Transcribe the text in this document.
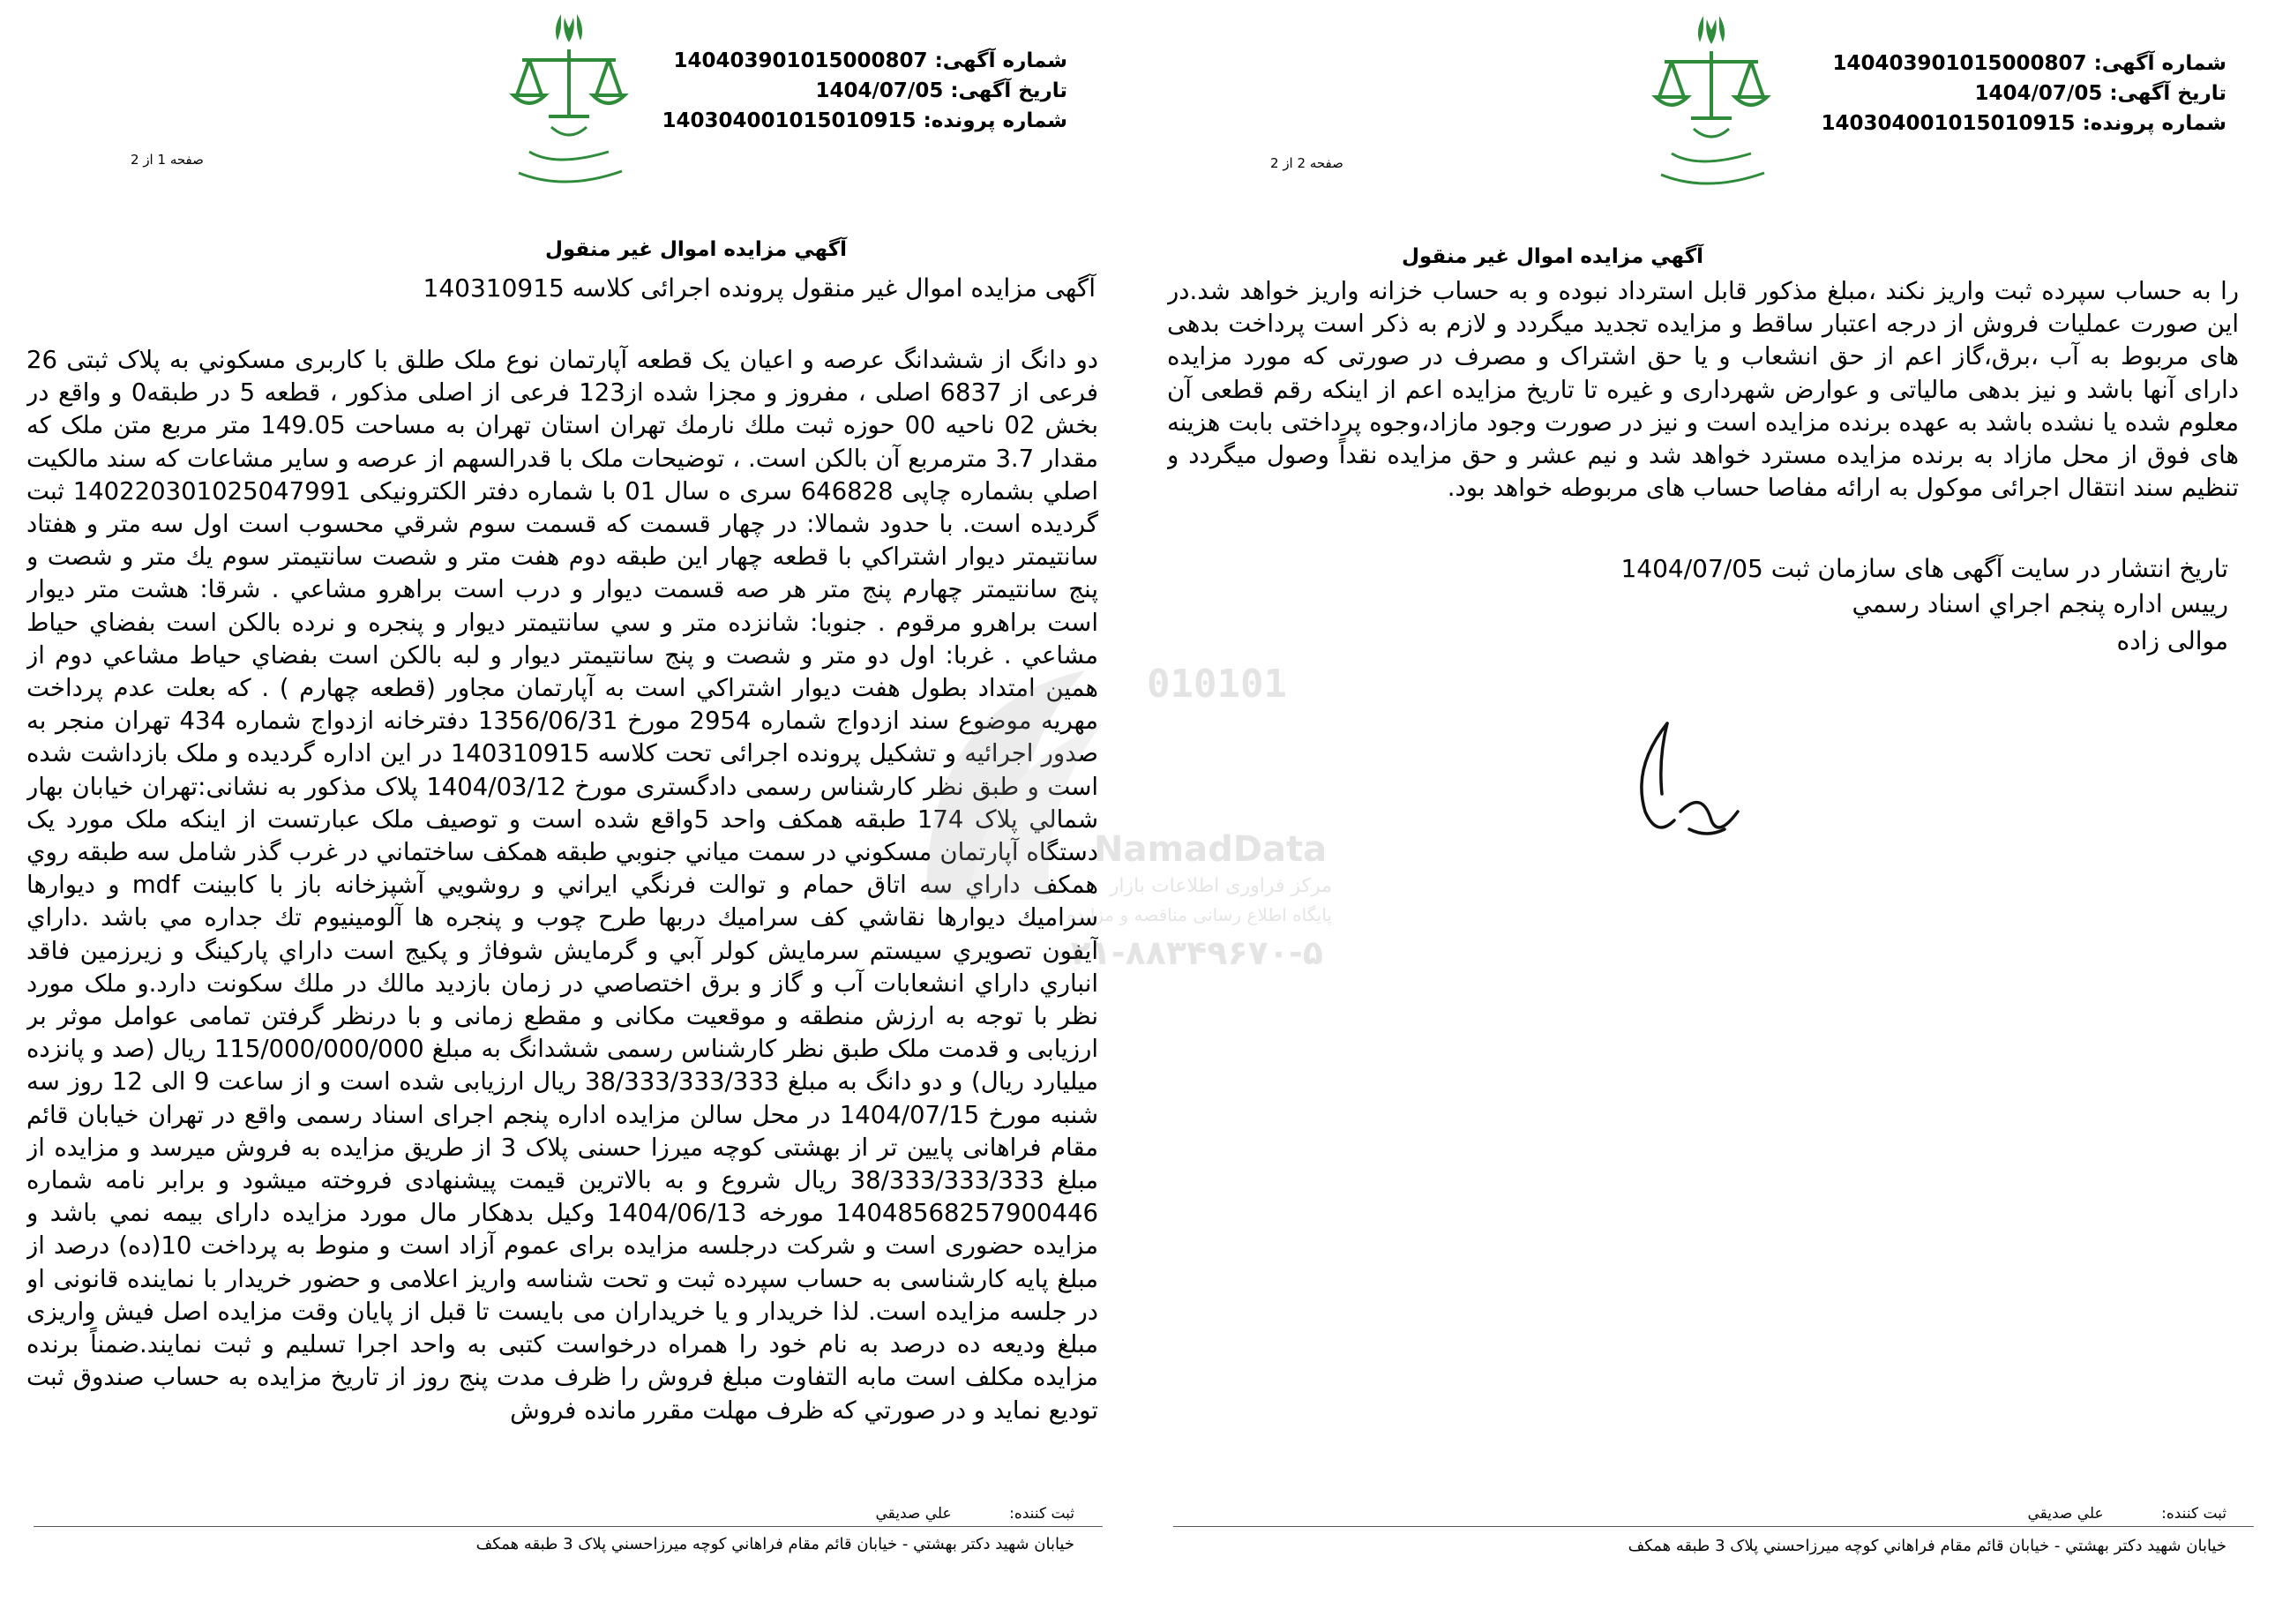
شماره آگهی: 140403901015000807
تاریخ آگهی: 1404/07/05
شماره پرونده: 140304001015010915
صفحه 1 از 2
آگهي مزايده اموال غير منقول
آگهی مزایده اموال غیر منقول پرونده اجرائی کلاسه 140310915
دو دانگ از ششدانگ عرصه و اعیان یک قطعه آپارتمان نوع ملک طلق با کاربری مسکوني به پلاک ثبتی 26 فرعی از 6837 اصلی ، مفروز و مجزا شده از123 فرعی از اصلی مذکور ، قطعه 5 در طبقه0 و واقع در بخش 02 ناحیه 00 حوزه ثبت ملك نارمك تهران استان تهران به مساحت 149.05 متر مربع متن ملک که مقدار 3.7 مترمربع آن بالکن است. ، توضیحات ملک با قدرالسهم از عرصه و سایر مشاعات که سند مالکیت اصلي بشماره چاپی 646828 سری ه سال 01 با شماره دفتر الکترونیکی 140220301025047991 ثبت گردیده است. با حدود شمالا: در چهار قسمت كه قسمت سوم شرقي محسوب است اول سه متر و هفتاد سانتيمتر ديوار اشتراكي با قطعه چهار اين طبقه دوم هفت متر و شصت سانتيمتر سوم يك متر و شصت و پنج سانتيمتر چهارم پنج متر هر صه قسمت ديوار و درب است براهرو مشاعي . شرقا: هشت متر ديوار است براهرو مرقوم . جنوبا: شانزده متر و سي سانتيمتر ديوار و پنجره و نرده بالكن است بفضاي حياط مشاعي . غربا: اول دو متر و شصت و پنج سانتيمتر ديوار و لبه بالكن است بفضاي حياط مشاعي دوم از همين امتداد بطول هفت ديوار اشتراكي است به آپارتمان مجاور (قطعه چهارم ) . که بعلت عدم پرداخت مهریه موضوع سند ازدواج شماره 2954 مورخ 1356/06/31 دفترخانه ازدواج شماره 434 تهران منجر به صدور اجرائیه و تشکیل پرونده اجرائی تحت کلاسه 140310915 در این اداره گردیده و ملک بازداشت شده است و طبق نظر کارشناس رسمی دادگستری مورخ 1404/03/12 پلاک مذکور به نشانی:تهران خيابان بهار شمالي پلاک 174 طبقه همکف واحد 5واقع شده است و توصیف ملک عبارتست از اینکه ملک مورد یک دستگاه آپارتمان مسكوني در سمت مياني جنوبي طبقه همكف ساختماني در غرب گذر شامل سه طبقه روي همكف داراي سه اتاق حمام و توالت فرنگي ايراني و روشويي آشپزخانه باز با كابينت mdf و ديوارها سراميك ديوارها نقاشي كف سراميك دربها طرح چوب و پنجره ها آلومينيوم تك جداره مي باشد .داراي آيفون تصويري سيستم سرمايش كولر آبي و گرمايش شوفاژ و پكيج است داراي پاركينگ و زيرزمين فاقد انباري داراي انشعابات آب و گاز و برق اختصاصي در زمان بازديد مالك در ملك سكونت دارد.و ملک مورد نظر با توجه به ارزش منطقه و موقعیت مکانی و مقطع زمانی و با درنظر گرفتن تمامی عوامل موثر بر ارزیابی و قدمت ملک طبق نظر کارشناس رسمی ششدانگ به مبلغ 115/000/000/000 ریال (صد و پانزده میلیارد ریال) و دو دانگ به مبلغ 38/333/333/333 ریال ارزیابی شده است و از ساعت 9 الی 12 روز سه شنبه مورخ 1404/07/15 در محل سالن مزایده اداره پنجم اجرای اسناد رسمی واقع در تهران خيابان قائم مقام فراهانی پایین تر از بهشتی کوچه میرزا حسنی پلاک 3 از طریق مزایده به فروش میرسد و مزایده از مبلغ 38/333/333/333 ریال شروع و به بالاترین قیمت پیشنهادی فروخته میشود و برابر نامه شماره 14048568257900446 مورخه 1404/06/13 وکیل بدهکار مال مورد مزایده دارای بیمه نمي باشد و مزایده حضوری است و شرکت درجلسه مزایده برای عموم آزاد است و منوط به پرداخت 10(ده) درصد از مبلغ پایه کارشناسی به حساب سپرده ثبت و تحت شناسه واریز اعلامی و حضور خریدار با نماینده قانونی او در جلسه مزایده است. لذا خریدار و یا خریداران می بایست تا قبل از پایان وقت مزایده اصل فیش واریزی مبلغ ودیعه ده درصد به نام خود را همراه درخواست کتبی به واحد اجرا تسلیم و ثبت نمایند.ضمناً برنده مزایده مکلف است مابه التفاوت مبلغ فروش را ظرف مدت پنج روز از تاریخ مزایده به حساب صندوق ثبت تودیع نماید و در صورتي که ظرف مهلت مقرر مانده فروش
ثبت كننده: علي صديقي
خيابان شهيد دكتر بهشتي - خيابان قائم مقام فراهاني كوچه ميرزاحسني پلاک 3 طبقه همكف
010101
NamadData
مرکز فراوری اطلاعات بازار
پایگاه اطلاع رسانی مناقصه و مزایده
۰۲۱-۸۸۳۴۹۶۷۰-۵
شماره آگهی: 140403901015000807
تاریخ آگهی: 1404/07/05
شماره پرونده: 140304001015010915
صفحه 2 از 2
آگهي مزايده اموال غير منقول
را به حساب سپرده ثبت واریز نکند ،مبلغ مذکور قابل استرداد نبوده و به حساب خزانه واریز خواهد شد.در این صورت عملیات فروش از درجه اعتبار ساقط و مزایده تجدید میگردد و لازم به ذکر است پرداخت بدهی های مربوط به آب ،برق،گاز اعم از حق انشعاب و یا حق اشتراک و مصرف در صورتی که مورد مزایده دارای آنها باشد و نیز بدهی مالیاتی و عوارض شهرداری و غیره تا تاریخ مزایده اعم از اینکه رقم قطعی آن معلوم شده یا نشده باشد به عهده برنده مزایده است و نیز در صورت وجود مازاد،وجوه پرداختی بابت هزینه های فوق از محل مازاد به برنده مزایده مسترد خواهد شد و نیم عشر و حق مزایده نقداً وصول میگردد و تنظیم سند انتقال اجرائی موکول به ارائه مفاصا حساب های مربوطه خواهد بود.
تاریخ انتشار در سایت آگهی های سازمان ثبت 1404/07/05
رييس اداره پنجم اجراي اسناد رسمي
موالی زاده
ثبت كننده: علي صديقي
خيابان شهيد دكتر بهشتي - خيابان قائم مقام فراهاني كوچه ميرزاحسني پلاک 3 طبقه همكف
